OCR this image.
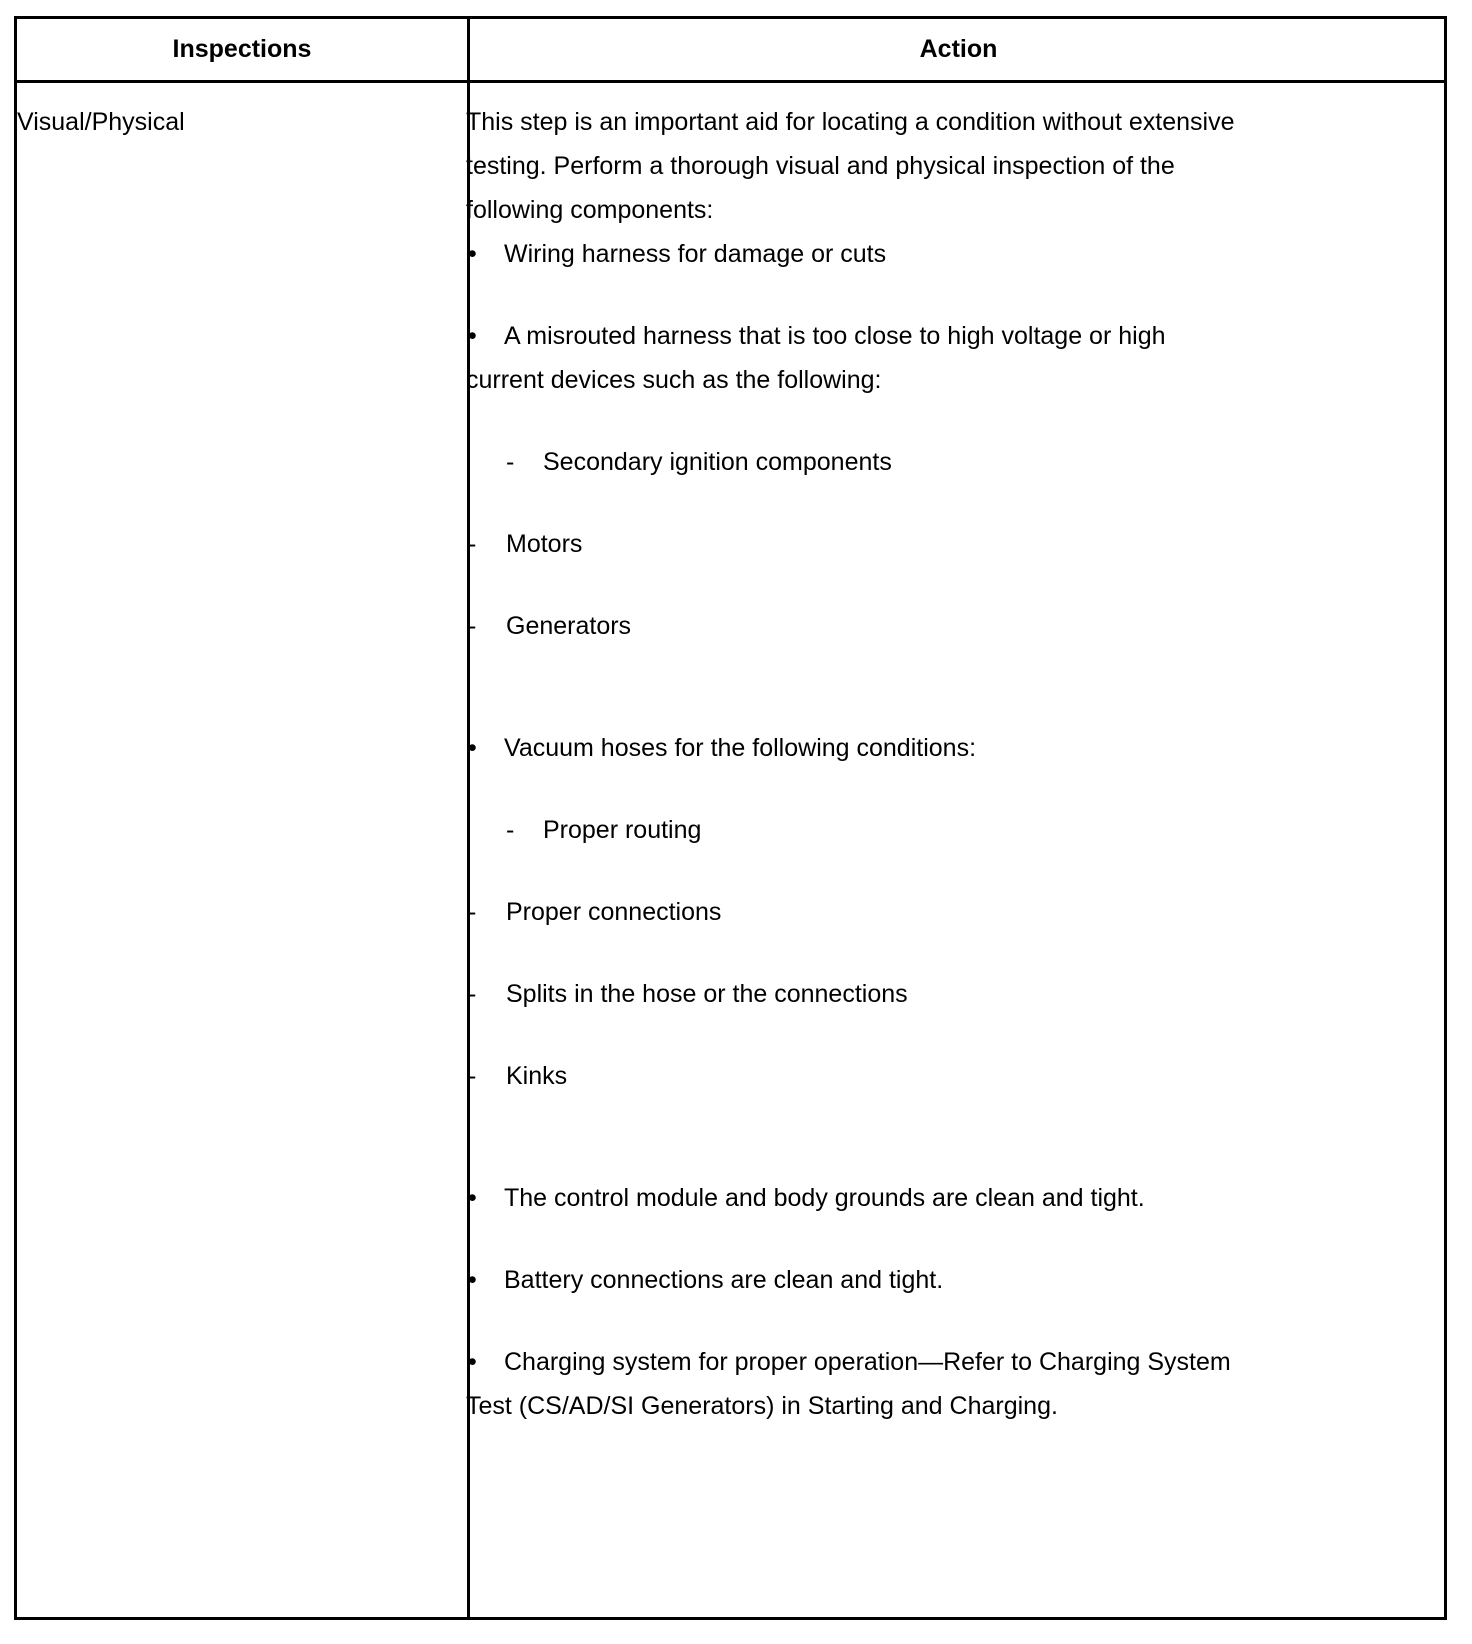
Inspections	Action
Visual/Physical	This step is an important aid for locating a condition without extensive
testing. Perform a thorough visual and physical inspection of the
following components:
• Wiring harness for damage or cuts
• A misrouted harness that is too close to high voltage or high
current devices such as the following:
- Secondary ignition components
- Motors
- Generators
• Vacuum hoses for the following conditions:
- Proper routing
- Proper connections
- Splits in the hose or the connections
- Kinks
• The control module and body grounds are clean and tight.
• Battery connections are clean and tight.
• Charging system for proper operation—Refer to Charging System
Test (CS/AD/SI Generators) in Starting and Charging.
